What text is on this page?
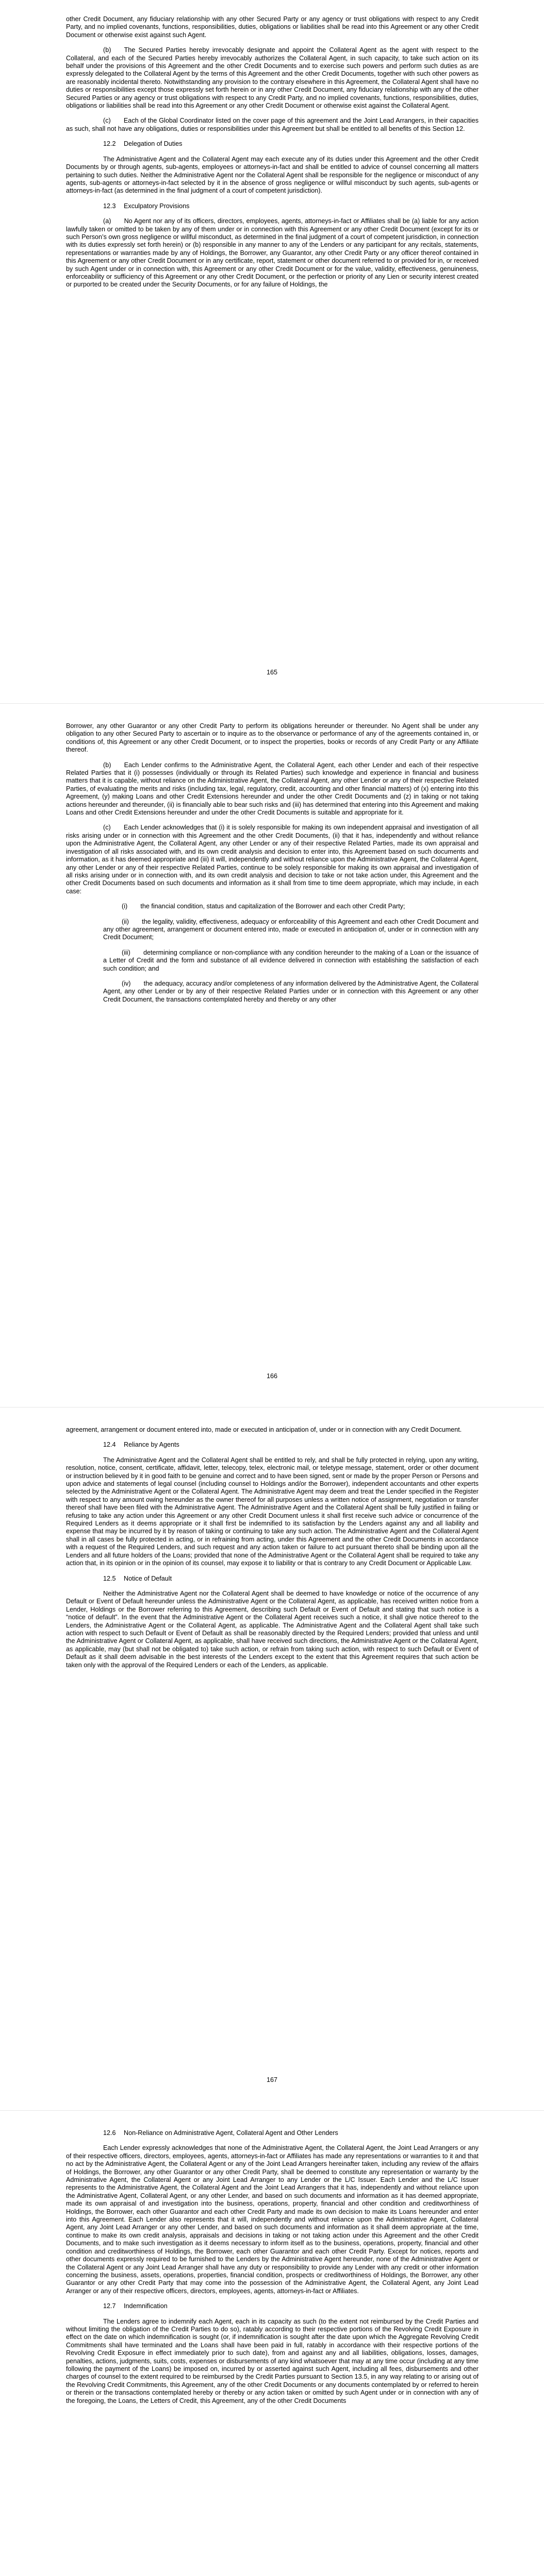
other Credit Document, any fiduciary relationship with any other Secured Party or any agency or trust obligations with respect to any Credit Party, and no implied covenants, functions, responsibilities, duties, obligations or liabilities shall be read into this Agreement or any other Credit Document or otherwise exist against such Agent.

(b)  The Secured Parties hereby irrevocably designate and appoint the Collateral Agent as the agent with respect to the Collateral, and each of the Secured Parties hereby irrevocably authorizes the Collateral Agent, in such capacity, to take such action on its behalf under the provisions of this Agreement and the other Credit Documents and to exercise such powers and perform such duties as are expressly delegated to the Collateral Agent by the terms of this Agreement and the other Credit Documents, together with such other powers as are reasonably incidental thereto. Notwithstanding any provision to the contrary elsewhere in this Agreement, the Collateral Agent shall have no duties or responsibilities except those expressly set forth herein or in any other Credit Document, any fiduciary relationship with any of the other Secured Parties or any agency or trust obligations with respect to any Credit Party, and no implied covenants, functions, responsibilities, duties, obligations or liabilities shall be read into this Agreement or any other Credit Document or otherwise exist against the Collateral Agent.

(c)  Each of the Global Coordinator listed on the cover page of this agreement and the Joint Lead Arrangers, in their capacities as such, shall not have any obligations, duties or responsibilities under this Agreement but shall be entitled to all benefits of this Section 12.

12.2 Delegation of Duties

The Administrative Agent and the Collateral Agent may each execute any of its duties under this Agreement and the other Credit Documents by or through agents, sub-agents, employees or attorneys-in-fact and shall be entitled to advice of counsel concerning all matters pertaining to such duties. Neither the Administrative Agent nor the Collateral Agent shall be responsible for the negligence or misconduct of any agents, sub-agents or attorneys-in-fact selected by it in the absence of gross negligence or willful misconduct by such agents, sub-agents or attorneys-in-fact (as determined in the final judgment of a court of competent jurisdiction).

12.3 Exculpatory Provisions

(a)  No Agent nor any of its officers, directors, employees, agents, attorneys-in-fact or Affiliates shall be (a) liable for any action lawfully taken or omitted to be taken by any of them under or in connection with this Agreement or any other Credit Document (except for its or such Person’s own gross negligence or willful misconduct, as determined in the final judgment of a court of competent jurisdiction, in connection with its duties expressly set forth herein) or (b) responsible in any manner to any of the Lenders or any participant for any recitals, statements, representations or warranties made by any of Holdings, the Borrower, any Guarantor, any other Credit Party or any officer thereof contained in this Agreement or any other Credit Document or in any certificate, report, statement or other document referred to or provided for in, or received by such Agent under or in connection with, this Agreement or any other Credit Document or for the value, validity, effectiveness, genuineness, enforceability or sufficiency of this Agreement or any other Credit Document, or the perfection or priority of any Lien or security interest created or purported to be created under the Security Documents, or for any failure of Holdings, the

165

Borrower, any other Guarantor or any other Credit Party to perform its obligations hereunder or thereunder. No Agent shall be under any obligation to any other Secured Party to ascertain or to inquire as to the observance or performance of any of the agreements contained in, or conditions of, this Agreement or any other Credit Document, or to inspect the properties, books or records of any Credit Party or any Affiliate thereof.

(b)  Each Lender confirms to the Administrative Agent, the Collateral Agent, each other Lender and each of their respective Related Parties that it (i) possesses (individually or through its Related Parties) such knowledge and experience in financial and business matters that it is capable, without reliance on the Administrative Agent, the Collateral Agent, any other Lender or any of their respective Related Parties, of evaluating the merits and risks (including tax, legal, regulatory, credit, accounting and other financial matters) of (x) entering into this Agreement, (y) making Loans and other Credit Extensions hereunder and under the other Credit Documents and (z) in taking or not taking actions hereunder and thereunder, (ii) is financially able to bear such risks and (iii) has determined that entering into this Agreement and making Loans and other Credit Extensions hereunder and under the other Credit Documents is suitable and appropriate for it.

(c)  Each Lender acknowledges that (i) it is solely responsible for making its own independent appraisal and investigation of all risks arising under or in connection with this Agreement and the other Credit Documents, (ii) that it has, independently and without reliance upon the Administrative Agent, the Collateral Agent, any other Lender or any of their respective Related Parties, made its own appraisal and investigation of all risks associated with, and its own credit analysis and decision to enter into, this Agreement based on such documents and information, as it has deemed appropriate and (iii) it will, independently and without reliance upon the Administrative Agent, the Collateral Agent, any other Lender or any of their respective Related Parties, continue to be solely responsible for making its own appraisal and investigation of all risks arising under or in connection with, and its own credit analysis and decision to take or not take action under, this Agreement and the other Credit Documents based on such documents and information as it shall from time to time deem appropriate, which may include, in each case:

(i)  the financial condition, status and capitalization of the Borrower and each other Credit Party;

(ii)  the legality, validity, effectiveness, adequacy or enforceability of this Agreement and each other Credit Document and any other agreement, arrangement or document entered into, made or executed in anticipation of, under or in connection with any Credit Document;

(iii)  determining compliance or non-compliance with any condition hereunder to the making of a Loan or the issuance of a Letter of Credit and the form and substance of all evidence delivered in connection with establishing the satisfaction of each such condition; and

(iv)  the adequacy, accuracy and/or completeness of any information delivered by the Administrative Agent, the Collateral Agent, any other Lender or by any of their respective Related Parties under or in connection with this Agreement or any other Credit Document, the transactions contemplated hereby and thereby or any other

166

agreement, arrangement or document entered into, made or executed in anticipation of, under or in connection with any Credit Document.

12.4 Reliance by Agents

The Administrative Agent and the Collateral Agent shall be entitled to rely, and shall be fully protected in relying, upon any writing, resolution, notice, consent, certificate, affidavit, letter, telecopy, telex, electronic mail, or teletype message, statement, order or other document or instruction believed by it in good faith to be genuine and correct and to have been signed, sent or made by the proper Person or Persons and upon advice and statements of legal counsel (including counsel to Holdings and/or the Borrower), independent accountants and other experts selected by the Administrative Agent or the Collateral Agent. The Administrative Agent may deem and treat the Lender specified in the Register with respect to any amount owing hereunder as the owner thereof for all purposes unless a written notice of assignment, negotiation or transfer thereof shall have been filed with the Administrative Agent. The Administrative Agent and the Collateral Agent shall be fully justified in failing or refusing to take any action under this Agreement or any other Credit Document unless it shall first receive such advice or concurrence of the Required Lenders as it deems appropriate or it shall first be indemnified to its satisfaction by the Lenders against any and all liability and expense that may be incurred by it by reason of taking or continuing to take any such action. The Administrative Agent and the Collateral Agent shall in all cases be fully protected in acting, or in refraining from acting, under this Agreement and the other Credit Documents in accordance with a request of the Required Lenders, and such request and any action taken or failure to act pursuant thereto shall be binding upon all the Lenders and all future holders of the Loans; provided that none of the Administrative Agent or the Collateral Agent shall be required to take any action that, in its opinion or in the opinion of its counsel, may expose it to liability or that is contrary to any Credit Document or Applicable Law.

12.5 Notice of Default

Neither the Administrative Agent nor the Collateral Agent shall be deemed to have knowledge or notice of the occurrence of any Default or Event of Default hereunder unless the Administrative Agent or the Collateral Agent, as applicable, has received written notice from a Lender, Holdings or the Borrower referring to this Agreement, describing such Default or Event of Default and stating that such notice is a “notice of default”. In the event that the Administrative Agent or the Collateral Agent receives such a notice, it shall give notice thereof to the Lenders, the Administrative Agent or the Collateral Agent, as applicable. The Administrative Agent and the Collateral Agent shall take such action with respect to such Default or Event of Default as shall be reasonably directed by the Required Lenders; provided that unless and until the Administrative Agent or Collateral Agent, as applicable, shall have received such directions, the Administrative Agent or the Collateral Agent, as applicable, may (but shall not be obligated to) take such action, or refrain from taking such action, with respect to such Default or Event of Default as it shall deem advisable in the best interests of the Lenders except to the extent that this Agreement requires that such action be taken only with the approval of the Required Lenders or each of the Lenders, as applicable.

167
12.6 Non-Reliance on Administrative Agent, Collateral Agent and Other Lenders

Each Lender expressly acknowledges that none of the Administrative Agent, the Collateral Agent, the Joint Lead Arrangers or any of their respective officers, directors, employees, agents, attorneys-in-fact or Affiliates has made any representations or warranties to it and that no act by the Administrative Agent, the Collateral Agent or any of the Joint Lead Arrangers hereinafter taken, including any review of the affairs of Holdings, the Borrower, any other Guarantor or any other Credit Party, shall be deemed to constitute any representation or warranty by the Administrative Agent, the Collateral Agent or any Joint Lead Arranger to any Lender or the L/C Issuer. Each Lender and the L/C Issuer represents to the Administrative Agent, the Collateral Agent and the Joint Lead Arrangers that it has, independently and without reliance upon the Administrative Agent, Collateral Agent, or any other Lender, and based on such documents and information as it has deemed appropriate, made its own appraisal of and investigation into the business, operations, property, financial and other condition and creditworthiness of Holdings, the Borrower, each other Guarantor and each other Credit Party and made its own decision to make its Loans hereunder and enter into this Agreement. Each Lender also represents that it will, independently and without reliance upon the Administrative Agent, Collateral Agent, any Joint Lead Arranger or any other Lender, and based on such documents and information as it shall deem appropriate at the time, continue to make its own credit analysis, appraisals and decisions in taking or not taking action under this Agreement and the other Credit Documents, and to make such investigation as it deems necessary to inform itself as to the business, operations, property, financial and other condition and creditworthiness of Holdings, the Borrower, each other Guarantor and each other Credit Party. Except for notices, reports and other documents expressly required to be furnished to the Lenders by the Administrative Agent hereunder, none of the Administrative Agent or the Collateral Agent or any Joint Lead Arranger shall have any duty or responsibility to provide any Lender with any credit or other information concerning the business, assets, operations, properties, financial condition, prospects or creditworthiness of Holdings, the Borrower, any other Guarantor or any other Credit Party that may come into the possession of the Administrative Agent, the Collateral Agent, any Joint Lead Arranger or any of their respective officers, directors, employees, agents, attorneys-in-fact or Affiliates.

12.7 Indemnification

The Lenders agree to indemnify each Agent, each in its capacity as such (to the extent not reimbursed by the Credit Parties and without limiting the obligation of the Credit Parties to do so), ratably according to their respective portions of the Revolving Credit Exposure in effect on the date on which indemnification is sought (or, if indemnification is sought after the date upon which the Aggregate Revolving Credit Commitments shall have terminated and the Loans shall have been paid in full, ratably in accordance with their respective portions of the Revolving Credit Exposure in effect immediately prior to such date), from and against any and all liabilities, obligations, losses, damages, penalties, actions, judgments, suits, costs, expenses or disbursements of any kind whatsoever that may at any time occur (including at any time following the payment of the Loans) be imposed on, incurred by or asserted against such Agent, including all fees, disbursements and other charges of counsel to the extent required to be reimbursed by the Credit Parties pursuant to Section 13.5, in any way relating to or arising out of the Revolving Credit Commitments, this Agreement, any of the other Credit Documents or any documents contemplated by or referred to herein or therein or the transactions contemplated hereby or thereby or any action taken or omitted by such Agent under or in connection with any of the foregoing, the Loans, the Letters of Credit, this Agreement, any of the other Credit Documents
